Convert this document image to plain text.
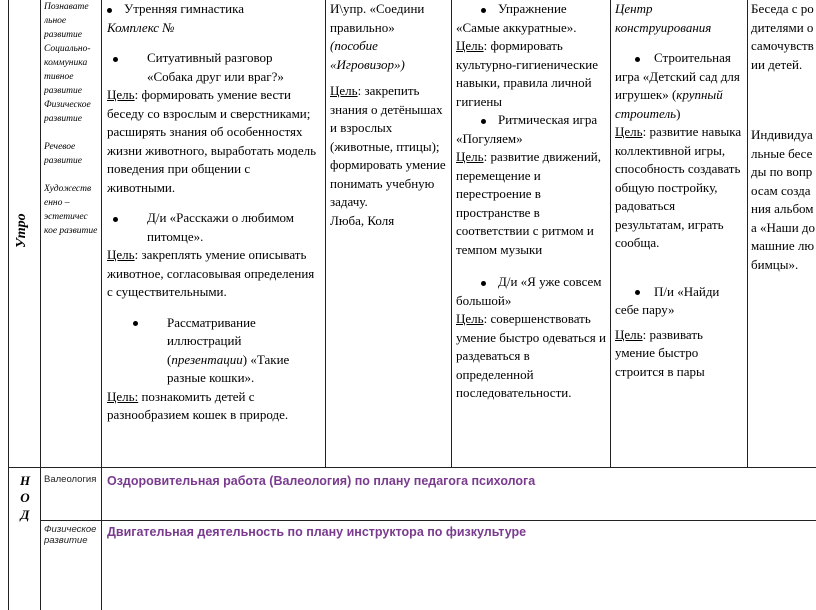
Утро
Н
О
Д

Познавате льное развитие

Социально-коммуника тивное развитие

Физическое развитие

Речевое развитие

Художеств енно – эстетичес кое развитие

Утренняя гимнастика

Комплекс №

Ситуативный разговор «Собака друг или враг?»

Цель: формировать умение вести беседу со взрослым и сверстниками; расширять знания об особенностях жизни животного, выработать модель поведения при общении с животными.

Д/и «Расскажи о любимом питомце».

Цель: закреплять умение описывать животное, согласовывая определения с существительными.

Рассматривание иллюстраций (презентации) «Такие разные кошки».

Цель: познакомить детей с разнообразием кошек в природе.

И\упр. «Соедини правильно»

(пособие «Игровизор»)

Цель: закрепить знания о детёнышах и взрослых (животные, птицы); формировать умение понимать учебную задачу.

Люба, Коля

Упражнение «Самые аккуратные».

Цель: формировать культурно-гигиенические навыки, правила личной гигиены

Ритмическая игра «Погуляем»

Цель: развитие движений, перемещение и перестроение в пространстве в соответствии с ритмом и темпом музыки

Д/и «Я уже совсем большой»

Цель: совершенствовать умение быстро одеваться и раздеваться в определенной последовательности.

Центр конструирования

Строительная игра «Детский сад для игрушек» (крупный строитель)

Цель: развитие навыка коллективной игры, способность создавать общую постройку, радоваться результатам, играть сообща.

П/и «Найди себе пару»

Цель: развивать умение быстро строится в пары

Беседа с родителями о самочувствии детей.

Индивидуальные беседы по вопросам создания альбома «Наши домашние любимцы».

Валеология Оздоровительная работа (Валеология) по плану педагога психолога
Физическое развитие
Двигательная деятельность по плану инструктора по физкультуре
